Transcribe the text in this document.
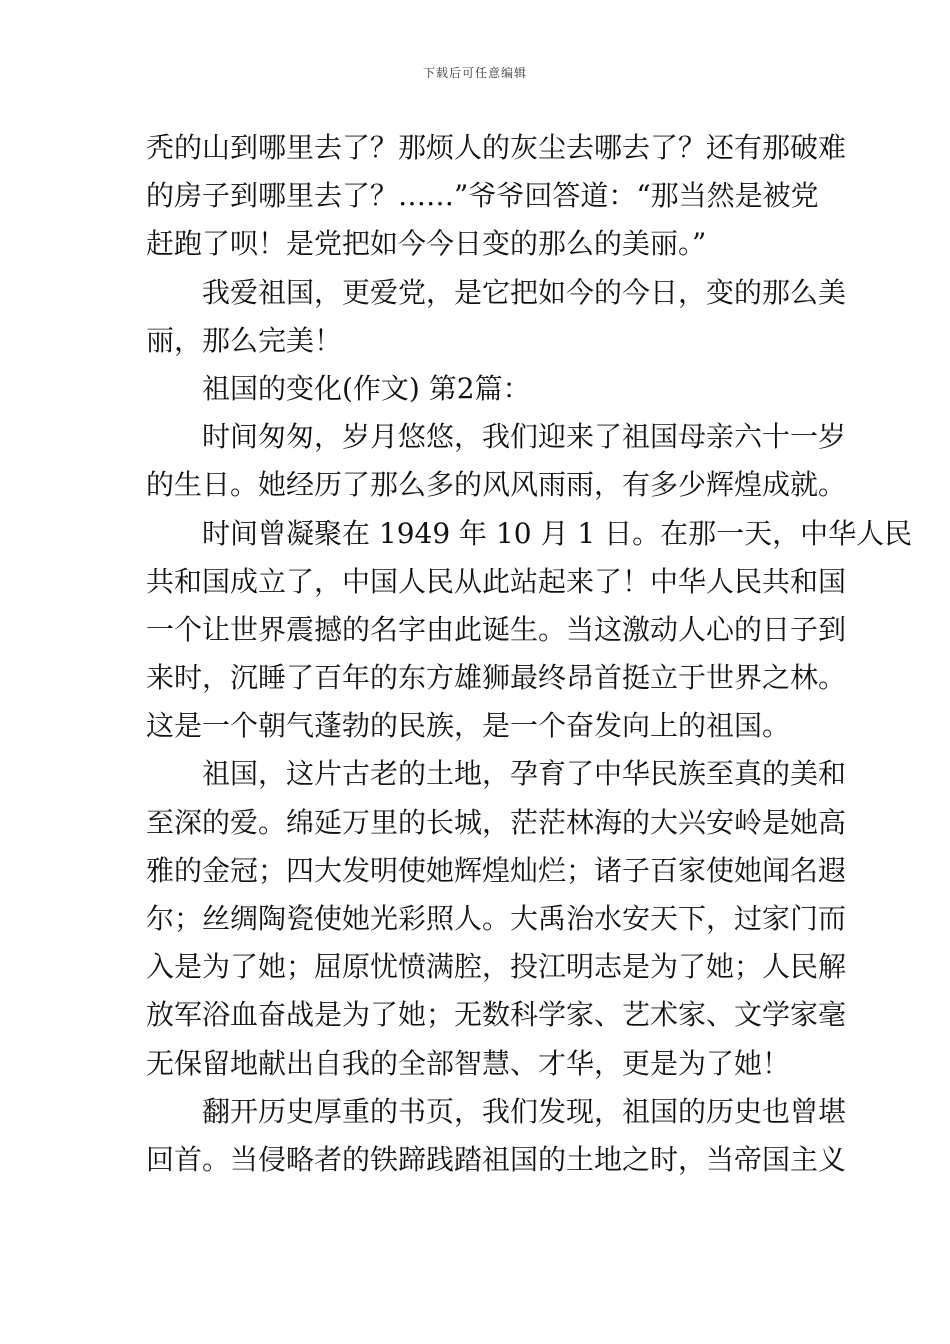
下载后可任意编辑
秃的山到哪里去了？那烦人的灰尘去哪去了？还有那破难
的房子到哪里去了？……”爷爷回答道：“那当然是被党
赶跑了呗！是党把如今今日变的那么的美丽。”
我爱祖国，更爱党，是它把如今的今日，变的那么美
丽，那么完美！
祖国的变化(作文) 第2篇：
时间匆匆，岁月悠悠，我们迎来了祖国母亲六十一岁
的生日。她经历了那么多的风风雨雨，有多少辉煌成就。
时间曾凝聚在 1949 年 10 月 1 日。在那一天，中华人民
共和国成立了，中国人民从此站起来了！中华人民共和国
一个让世界震撼的名字由此诞生。当这激动人心的日子到
来时，沉睡了百年的东方雄狮最终昂首挺立于世界之林。
这是一个朝气蓬勃的民族，是一个奋发向上的祖国。
祖国，这片古老的土地，孕育了中华民族至真的美和
至深的爱。绵延万里的长城，茫茫林海的大兴安岭是她高
雅的金冠；四大发明使她辉煌灿烂；诸子百家使她闻名遐
尔；丝绸陶瓷使她光彩照人。大禹治水安天下，过家门而
入是为了她；屈原忧愤满腔，投江明志是为了她；人民解
放军浴血奋战是为了她；无数科学家、艺术家、文学家毫
无保留地献出自我的全部智慧、才华，更是为了她！
翻开历史厚重的书页，我们发现，祖国的历史也曾堪
回首。当侵略者的铁蹄践踏祖国的土地之时，当帝国主义
